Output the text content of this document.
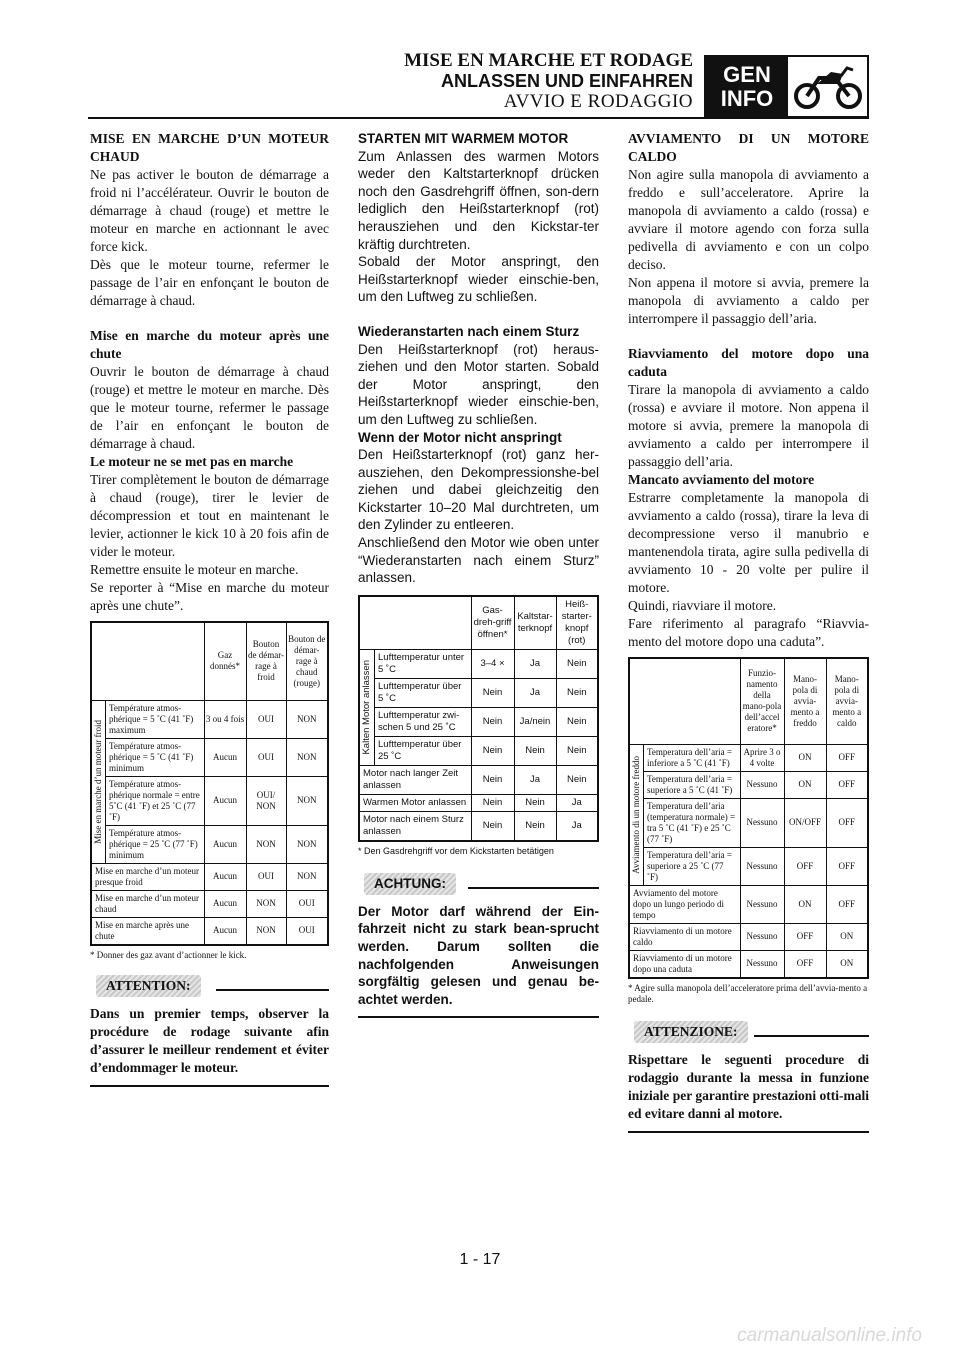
MISE EN MARCHE ET RODAGE
ANLASSEN UND EINFAHREN
AVVIO E RODAGGIO
GEN
INFO

MISE EN MARCHE D’UN MOTEUR CHAUD

Ne pas activer le bouton de démarrage a froid ni l’accélérateur. Ouvrir le bouton de démarrage à chaud (rouge) et mettre le moteur en marche en actionnant le avec force kick.

Dès que le moteur tourne, refermer le passage de l’air en enfonçant le bouton de démarrage à chaud.

Mise en marche du moteur après une chute

Ouvrir le bouton de démarrage à chaud (rouge) et mettre le moteur en marche. Dès que le moteur tourne, refermer le passage de l’air en enfonçant le bouton de démarrage à chaud.

Le moteur ne se met pas en marche

Tirer complètement le bouton de démarrage à chaud (rouge), tirer le levier de décompression et tout en maintenant le levier, actionner le kick 10 à 20 fois afin de vider le moteur.

Remettre ensuite le moteur en marche.

Se reporter à “Mise en marche du moteur après une chute”.

		Gaz donnés*	Bouton de démar-rage à froid	Bouton de démar-rage à chaud (rouge)

Mise en marche d’un moteur froid	Température atmos-phérique = 5 ˚C (41 ˚F) maximum	3 ou 4 fois	OUI	NON
	Température atmos-phérique = 5 ˚C (41 ˚F) minimum	Aucun	OUI	NON
	Température atmos-phérique normale = entre 5˚C (41 ˚F) et 25 ˚C (77 ˚F)	Aucun	OUI/ NON	NON
	Température atmos-phérique = 25 ˚C (77 ˚F) minimum	Aucun	NON	NON
Mise en marche d’un moteur presque froid		Aucun	OUI	NON
Mise en marche d’un moteur chaud		Aucun	NON	OUI
Mise en marche après une chute		Aucun	NON	OUI
* Donner des gaz avant d’actionner le kick.
ATTENTION:

Dans un premier temps, observer la procédure de rodage suivante afin d’assurer le meilleur rendement et éviter d’endommager le moteur.

STARTEN MIT WARMEM MOTOR

Zum Anlassen des warmen Motors weder den Kaltstarterknopf drücken noch den Gasdrehgriff öffnen, son-dern lediglich den Heißstarterknopf (rot) herausziehen und den Kickstar-ter kräftig durchtreten.

Sobald der Motor anspringt, den Heißstarterknopf wieder einschie-ben, um den Luftweg zu schließen.

Wiederanstarten nach einem Sturz

Den Heißstarterknopf (rot) heraus-ziehen und den Motor starten. Sobald der Motor anspringt, den Heißstarterknopf wieder einschie-ben, um den Luftweg zu schließen.

Wenn der Motor nicht anspringt

Den Heißstarterknopf (rot) ganz her-ausziehen, den Dekompressionshe-bel ziehen und dabei gleichzeitig den Kickstarter 10–20 Mal durchtreten, um den Zylinder zu entleeren.

Anschließend den Motor wie oben unter “Wiederanstarten nach einem Sturz” anlassen.

		Gas-dreh-griff öffnen*	Kaltstar-terknopf	Heiß-starter-knopf (rot)

Kalten Motor anlassen	Lufttemperatur unter 5 ˚C	3–4 ×	Ja	Nein
	Lufttemperatur über 5 ˚C	Nein	Ja	Nein
	Lufttemperatur zwi-schen 5 und 25 ˚C	Nein	Ja/nein	Nein
	Lufttemperatur über 25 ˚C	Nein	Nein	Nein
Motor nach langer Zeit anlassen		Nein	Ja	Nein
Warmen Motor anlassen		Nein	Nein	Ja
Motor nach einem Sturz anlassen		Nein	Nein	Ja
* Den Gasdrehgriff vor dem Kickstarten betätigen
ACHTUNG:

Der Motor darf während der Ein-fahrzeit nicht zu stark bean-sprucht werden. Darum sollten die nachfolgenden Anweisungen sorgfältig gelesen und genau be-achtet werden.

AVVIAMENTO DI UN MOTORE CALDO

Non agire sulla manopola di avviamento a freddo e sull’acceleratore. Aprire la manopola di avviamento a caldo (rossa) e avviare il motore agendo con forza sulla pedivella di avviamento e con un colpo deciso.

Non appena il motore si avvia, premere la manopola di avviamento a caldo per interrompere il passaggio dell’aria.

Riavviamento del motore dopo una caduta

Tirare la manopola di avviamento a caldo (rossa) e avviare il motore. Non appena il motore si avvia, premere la manopola di avviamento a caldo per interrompere il passaggio dell’aria.

Mancato avviamento del motore

Estrarre completamente la manopola di avviamento a caldo (rossa), tirare la leva di decompressione verso il manubrio e mantenendola tirata, agire sulla pedivella di avviamento 10 - 20 volte per pulire il motore.

Quindi, riavviare il motore.

Fare riferimento al paragrafo “Riavvia-mento del motore dopo una caduta”.

		Funzio-namento della mano-pola dell’accel eratore*	Mano-pola di avvia-mento a freddo	Mano-pola di avvia-mento a caldo

Avviamento di un motore freddo	Temperatura dell’aria = inferiore a 5 ˚C (41 ˚F)	Aprire 3 o 4 volte	ON	OFF
	Temperatura dell’aria = superiore a 5 ˚C (41 ˚F)	Nessuno	ON	OFF
	Temperatura dell’aria (temperatura normale) = tra 5 ˚C (41 ˚F) e 25 ˚C (77 ˚F)	Nessuno	ON/OFF	OFF
	Temperatura dell’aria = superiore a 25 ˚C (77 ˚F)	Nessuno	OFF	OFF
Avviamento del motore dopo un lungo periodo di tempo		Nessuno	ON	OFF
Riavviamento di un motore caldo		Nessuno	OFF	ON
Riavviamento di un motore dopo una caduta		Nessuno	OFF	ON
* Agire sulla manopola dell’acceleratore prima dell’avvia-mento a pedale.
ATTENZIONE:

Rispettare le seguenti procedure di rodaggio durante la messa in funzione iniziale per garantire prestazioni otti-mali ed evitare danni al motore.

1 - 17
carmanualsonline.info
